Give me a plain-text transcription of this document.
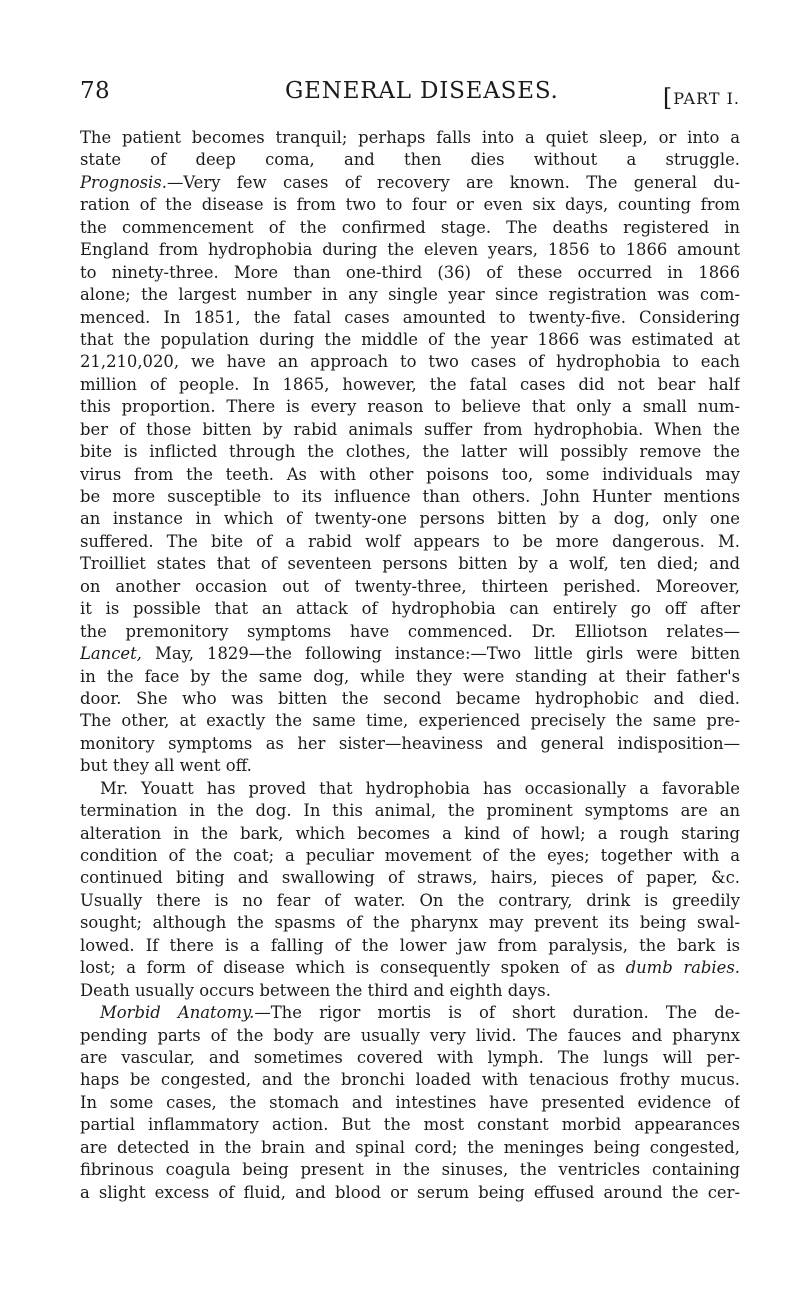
78	GENERAL DISEASES.	[PART I.
The patient becomes tranquil; perhaps falls into a quiet sleep, or into a
state of deep coma, and then dies without a struggle.
Prognosis.—Very few cases of recovery are known. The general du-
ration of the disease is from two to four or even six days, counting from
the commencement of the confirmed stage. The deaths registered in
England from hydrophobia during the eleven years, 1856 to 1866 amount
to ninety-three. More than one-third (36) of these occurred in 1866
alone; the largest number in any single year since registration was com-
menced. In 1851, the fatal cases amounted to twenty-five. Considering
that the population during the middle of the year 1866 was estimated at
21,210,020, we have an approach to two cases of hydrophobia to each
million of people. In 1865, however, the fatal cases did not bear half
this proportion. There is every reason to believe that only a small num-
ber of those bitten by rabid animals suffer from hydrophobia. When the
bite is inflicted through the clothes, the latter will possibly remove the
virus from the teeth. As with other poisons too, some individuals may
be more susceptible to its influence than others. John Hunter mentions
an instance in which of twenty-one persons bitten by a dog, only one
suffered. The bite of a rabid wolf appears to be more dangerous. M.
Troilliet states that of seventeen persons bitten by a wolf, ten died; and
on another occasion out of twenty-three, thirteen perished. Moreover,
it is possible that an attack of hydrophobia can entirely go off after
the premonitory symptoms have commenced. Dr. Elliotson relates—
Lancet, May, 1829—the following instance:—Two little girls were bitten
in the face by the same dog, while they were standing at their father's
door. She who was bitten the second became hydrophobic and died.
The other, at exactly the same time, experienced precisely the same pre-
monitory symptoms as her sister—heaviness and general indisposition—
but they all went off.
Mr. Youatt has proved that hydrophobia has occasionally a favorable
termination in the dog. In this animal, the prominent symptoms are an
alteration in the bark, which becomes a kind of howl; a rough staring
condition of the coat; a peculiar movement of the eyes; together with a
continued biting and swallowing of straws, hairs, pieces of paper, &c.
Usually there is no fear of water. On the contrary, drink is greedily
sought; although the spasms of the pharynx may prevent its being swal-
lowed. If there is a falling of the lower jaw from paralysis, the bark is
lost; a form of disease which is consequently spoken of as dumb rabies.
Death usually occurs between the third and eighth days.
Morbid Anatomy.—The rigor mortis is of short duration. The de-
pending parts of the body are usually very livid. The fauces and pharynx
are vascular, and sometimes covered with lymph. The lungs will per-
haps be congested, and the bronchi loaded with tenacious frothy mucus.
In some cases, the stomach and intestines have presented evidence of
partial inflammatory action. But the most constant morbid appearances
are detected in the brain and spinal cord; the meninges being congested,
fibrinous coagula being present in the sinuses, the ventricles containing
a slight excess of fluid, and blood or serum being effused around the cer-
